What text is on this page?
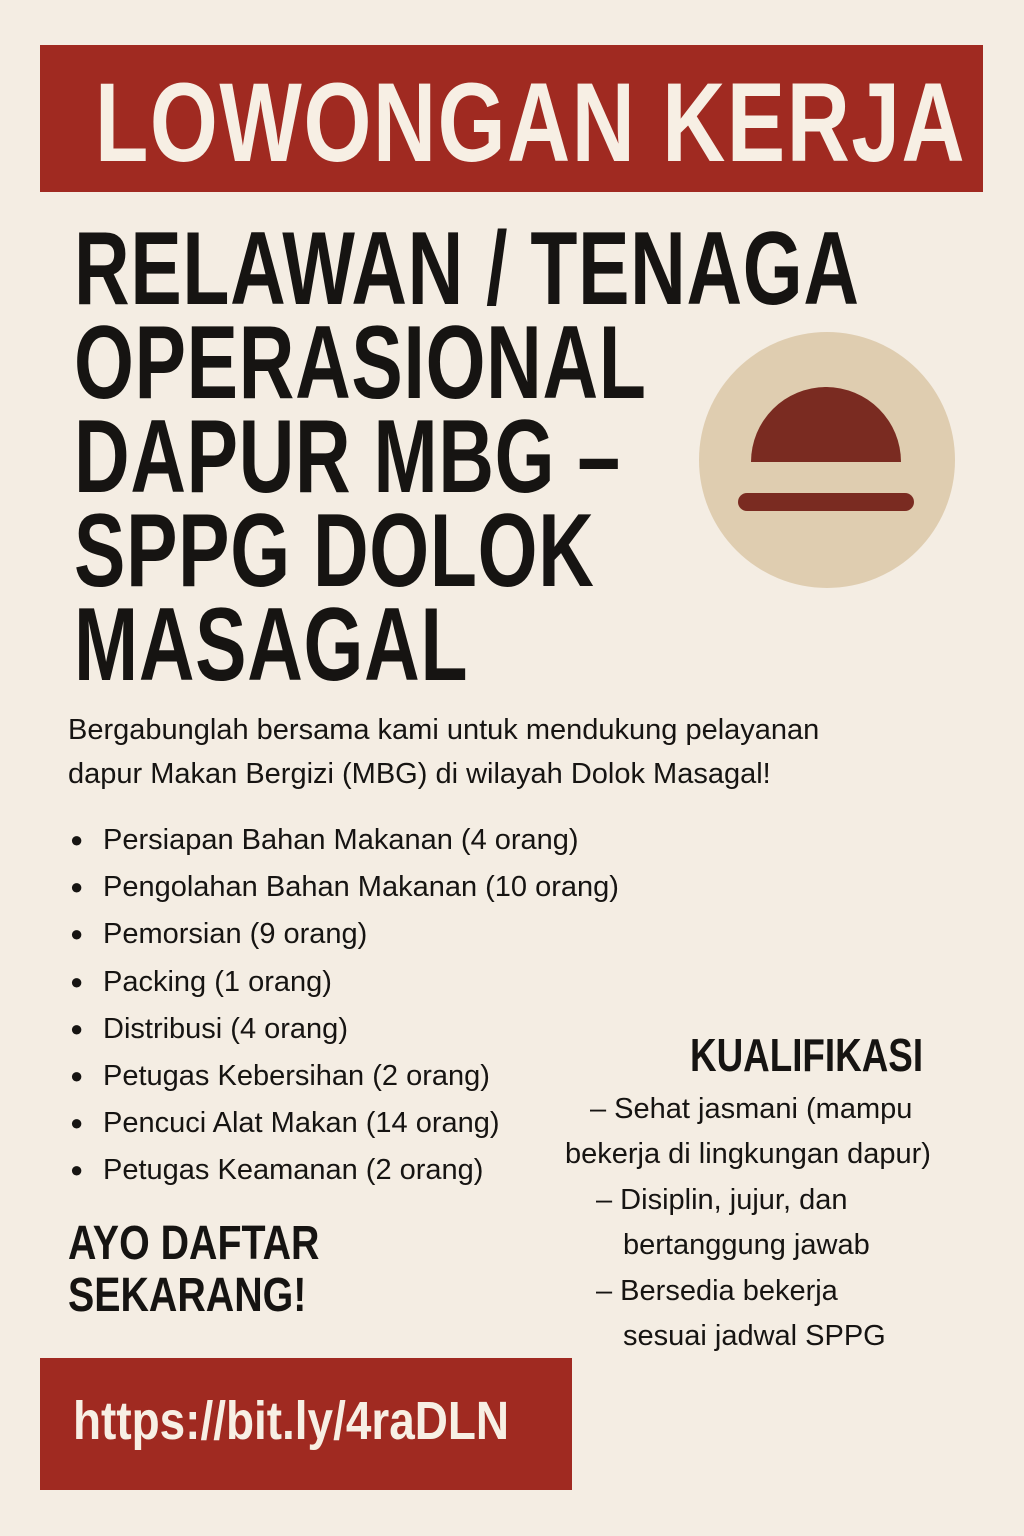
LOWONGAN KERJA
RELAWAN / TENAGA
OPERASIONAL
DAPUR MBG –
SPPG DOLOK
MASAGAL
Bergabunglah bersama kami untuk mendukung pelayanan
dapur Makan Bergizi (MBG) di wilayah Dolok Masagal!
● Persiapan Bahan Makanan (4 orang)
● Pengolahan Bahan Makanan (10 orang)
● Pemorsian (9 orang)
● Packing (1 orang)
● Distribusi (4 orang)
● Petugas Kebersihan (2 orang)
● Pencuci Alat Makan (14 orang)
● Petugas Keamanan (2 orang)
AYO DAFTAR
SEKARANG!
https://bit.ly/4raDLN
KUALIFIKASI
– Sehat jasmani (mampu
bekerja di lingkungan dapur)
– Disiplin, jujur, dan
bertanggung jawab
– Bersedia bekerja
sesuai jadwal SPPG
